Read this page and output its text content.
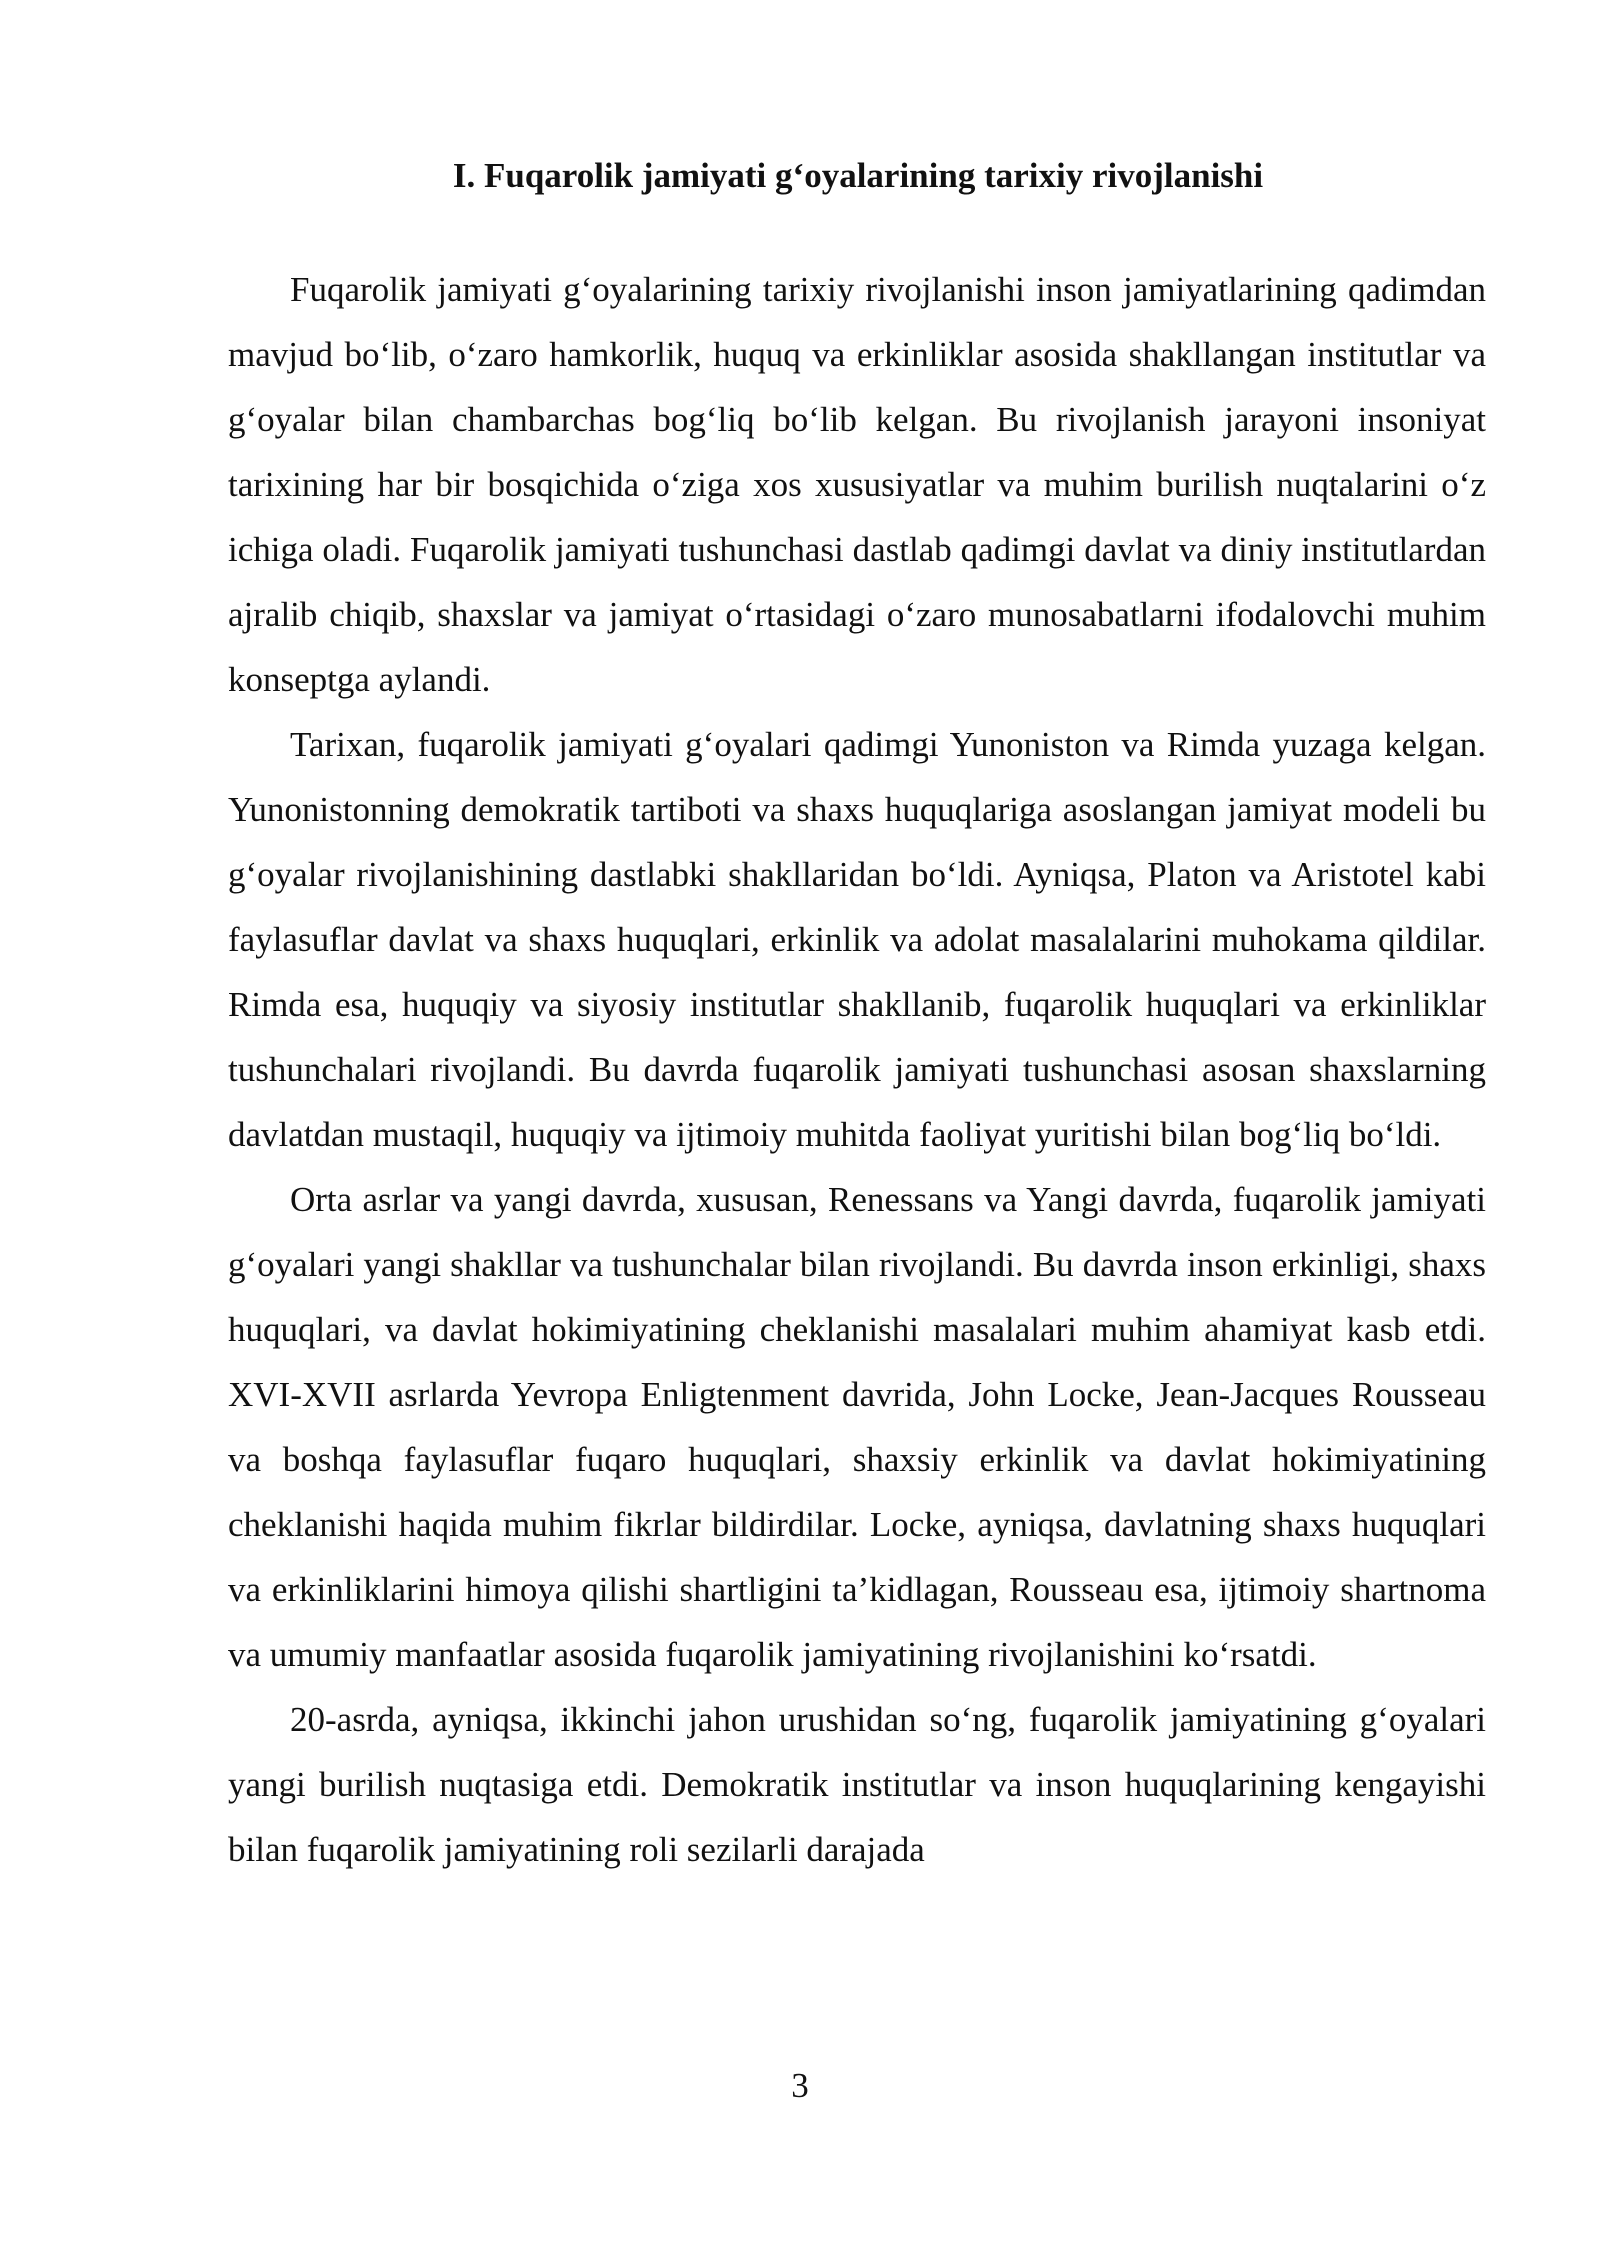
I. Fuqarolik jamiyati g‘oyalarining tarixiy rivojlanishi

Fuqarolik jamiyati g‘oyalarining tarixiy rivojlanishi inson jamiyatlarining qadimdan mavjud bo‘lib, o‘zaro hamkorlik, huquq va erkinliklar asosida shakllangan institutlar va g‘oyalar bilan chambarchas bog‘liq bo‘lib kelgan. Bu rivojlanish jarayoni insoniyat tarixining har bir bosqichida o‘ziga xos xususiyatlar va muhim burilish nuqtalarini o‘z ichiga oladi. Fuqarolik jamiyati tushunchasi dastlab qadimgi davlat va diniy institutlardan ajralib chiqib, shaxslar va jamiyat o‘rtasidagi o‘zaro munosabatlarni ifodalovchi muhim konseptga aylandi.

Tarixan, fuqarolik jamiyati g‘oyalari qadimgi Yunoniston va Rimda yuzaga kelgan. Yunonistonning demokratik tartiboti va shaxs huquqlariga asoslangan jamiyat modeli bu g‘oyalar rivojlanishining dastlabki shakllaridan bo‘ldi. Ayniqsa, Platon va Aristotel kabi faylasuflar davlat va shaxs huquqlari, erkinlik va adolat masalalarini muhokama qildilar. Rimda esa, huquqiy va siyosiy institutlar shakllanib, fuqarolik huquqlari va erkinliklar tushunchalari rivojlandi. Bu davrda fuqarolik jamiyati tushunchasi asosan shaxslarning davlatdan mustaqil, huquqiy va ijtimoiy muhitda faoliyat yuritishi bilan bog‘liq bo‘ldi.

Orta asrlar va yangi davrda, xususan, Renessans va Yangi davrda, fuqarolik jamiyati g‘oyalari yangi shakllar va tushunchalar bilan rivojlandi. Bu davrda inson erkinligi, shaxs huquqlari, va davlat hokimiyatining cheklanishi masalalari muhim ahamiyat kasb etdi. XVI-XVII asrlarda Yevropa Enligtenment davrida, John Locke, Jean-Jacques Rousseau va boshqa faylasuflar fuqaro huquqlari, shaxsiy erkinlik va davlat hokimiyatining cheklanishi haqida muhim fikrlar bildirdilar. Locke, ayniqsa, davlatning shaxs huquqlari va erkinliklarini himoya qilishi shartligini ta’kidlagan, Rousseau esa, ijtimoiy shartnoma va umumiy manfaatlar asosida fuqarolik jamiyatining rivojlanishini ko‘rsatdi.

20-asrda, ayniqsa, ikkinchi jahon urushidan so‘ng, fuqarolik jamiyatining g‘oyalari yangi burilish nuqtasiga etdi. Demokratik institutlar va inson huquqlarining kengayishi bilan fuqarolik jamiyatining roli sezilarli darajada

3
